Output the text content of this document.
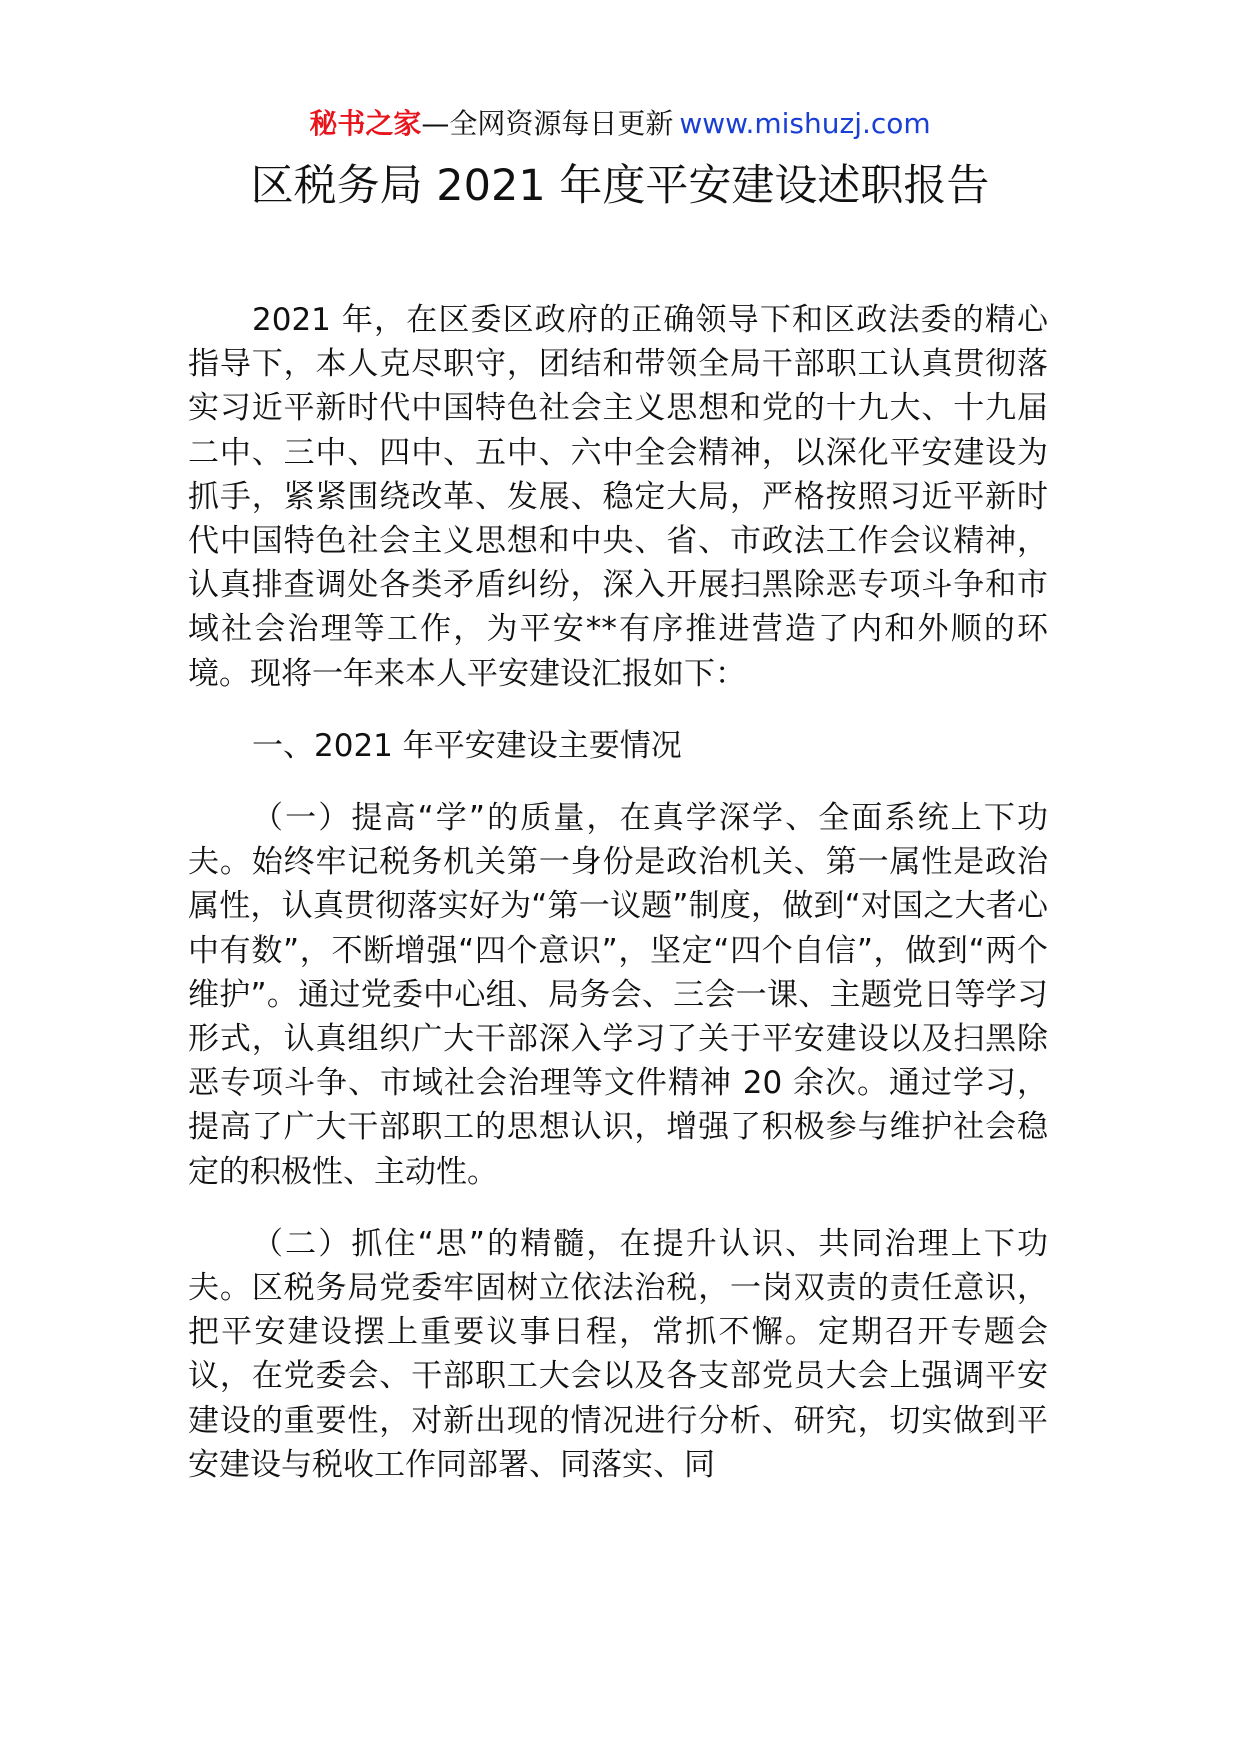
秘书之家—全网资源每日更新 www.mishuzj.com
区税务局 2021 年度平安建设述职报告

2021 年，在区委区政府的正确领导下和区政法委的精心指导下，本人克尽职守，团结和带领全局干部职工认真贯彻落实习近平新时代中国特色社会主义思想和党的十九大、十九届二中、三中、四中、五中、六中全会精神，以深化平安建设为抓手，紧紧围绕改革、发展、稳定大局，严格按照习近平新时代中国特色社会主义思想和中央、省、市政法工作会议精神，认真排查调处各类矛盾纠纷，深入开展扫黑除恶专项斗争和市域社会治理等工作，为平安**有序推进营造了内和外顺的环境。现将一年来本人平安建设汇报如下：

一、2021 年平安建设主要情况

（一）提高“学”的质量，在真学深学、全面系统上下功夫。始终牢记税务机关第一身份是政治机关、第一属性是政治属性，认真贯彻落实好为“第一议题”制度，做到“对国之大者心中有数”，不断增强“四个意识”，坚定“四个自信”，做到“两个维护”。通过党委中心组、局务会、三会一课、主题党日等学习形式，认真组织广大干部深入学习了关于平安建设以及扫黑除恶专项斗争、市域社会治理等文件精神 20 余次。通过学习，提高了广大干部职工的思想认识，增强了积极参与维护社会稳定的积极性、主动性。

（二）抓住“思”的精髓，在提升认识、共同治理上下功夫。区税务局党委牢固树立依法治税，一岗双责的责任意识，把平安建设摆上重要议事日程，常抓不懈。定期召开专题会议，在党委会、干部职工大会以及各支部党员大会上强调平安建设的重要性，对新出现的情况进行分析、研究，切实做到平安建设与税收工作同部署、同落实、同
